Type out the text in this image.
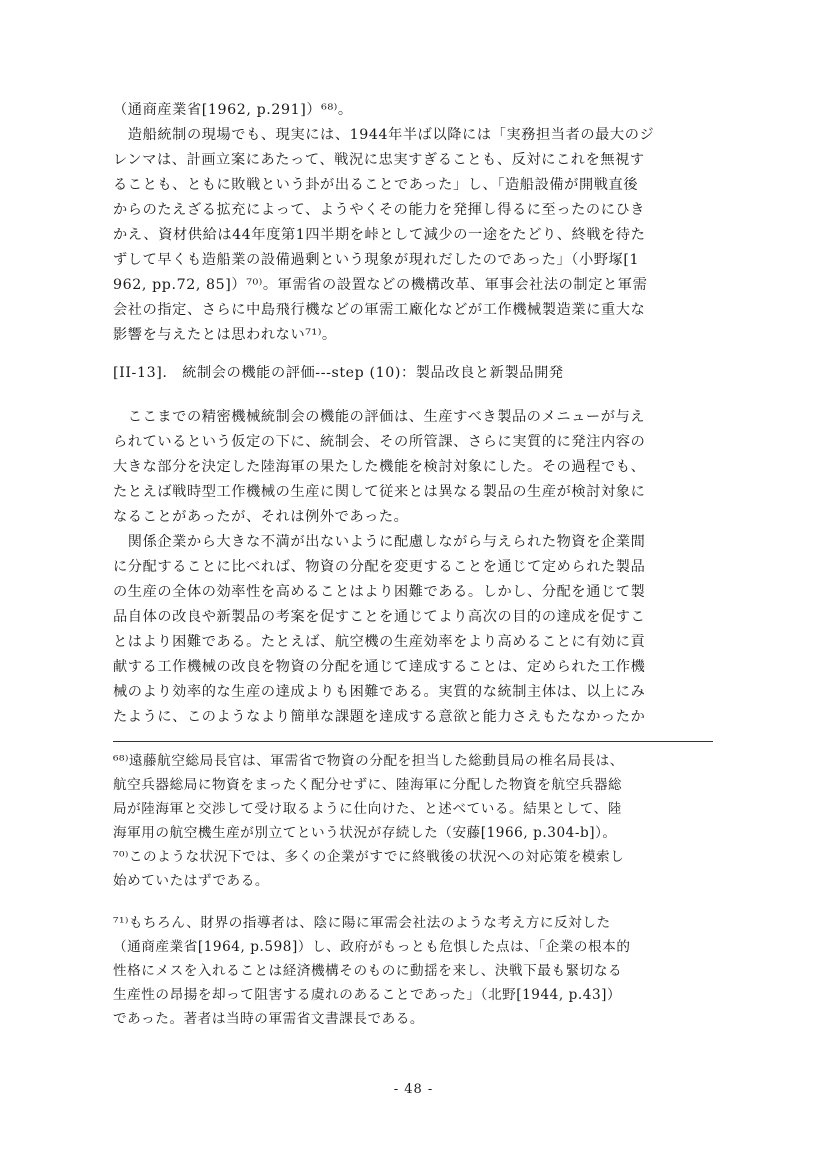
（通商産業省[1962, p.291]）⁶⁸⁾。
　造船統制の現場でも、現実には、1944年半ば以降には「実務担当者の最大のジ
レンマは、計画立案にあたって、戦況に忠実すぎることも、反対にこれを無視す
ることも、ともに敗戦という卦が出ることであった」し、「造船設備が開戦直後
からのたえざる拡充によって、ようやくその能力を発揮し得るに至ったのにひき
かえ、資材供給は44年度第1四半期を峠として減少の一途をたどり、終戦を待た
ずして早くも造船業の設備過剰という現象が現れだしたのであった」（小野塚[1
962, pp.72, 85]）⁷⁰⁾。軍需省の設置などの機構改革、軍事会社法の制定と軍需
会社の指定、さらに中島飛行機などの軍需工廠化などが工作機械製造業に重大な
影響を与えたとは思われない⁷¹⁾。
[II-13].　統制会の機能の評価---step (10)：製品改良と新製品開発
　ここまでの精密機械統制会の機能の評価は、生産すべき製品のメニューが与え
られているという仮定の下に、統制会、その所管課、さらに実質的に発注内容の
大きな部分を決定した陸海軍の果たした機能を検討対象にした。その過程でも、
たとえば戦時型工作機械の生産に関して従来とは異なる製品の生産が検討対象に
なることがあったが、それは例外であった。
　関係企業から大きな不満が出ないように配慮しながら与えられた物資を企業間
に分配することに比べれば、物資の分配を変更することを通じて定められた製品
の生産の全体の効率性を高めることはより困難である。しかし、分配を通じて製
品自体の改良や新製品の考案を促すことを通じてより高次の目的の達成を促すこ
とはより困難である。たとえば、航空機の生産効率をより高めることに有効に貢
献する工作機械の改良を物資の分配を通じて達成することは、定められた工作機
械のより効率的な生産の達成よりも困難である。実質的な統制主体は、以上にみ
たように、このようなより簡単な課題を達成する意欲と能力さえもたなかったか
⁶⁸⁾遠藤航空総局長官は、軍需省で物資の分配を担当した総動員局の椎名局長は、
航空兵器総局に物資をまったく配分せずに、陸海軍に分配した物資を航空兵器総
局が陸海軍と交渉して受け取るように仕向けた、と述べている。結果として、陸
海軍用の航空機生産が別立てという状況が存続した（安藤[1966, p.304-b]）。
⁷⁰⁾このような状況下では、多くの企業がすでに終戦後の状況への対応策を模索し
始めていたはずである。
⁷¹⁾もちろん、財界の指導者は、陰に陽に軍需会社法のような考え方に反対した
（通商産業省[1964, p.598]）し、政府がもっとも危惧した点は、「企業の根本的
性格にメスを入れることは経済機構そのものに動揺を来し、決戦下最も緊切なる
生産性の昂揚を却って阻害する虞れのあることであった」（北野[1944, p.43]）
であった。著者は当時の軍需省文書課長である。
- 48 -
